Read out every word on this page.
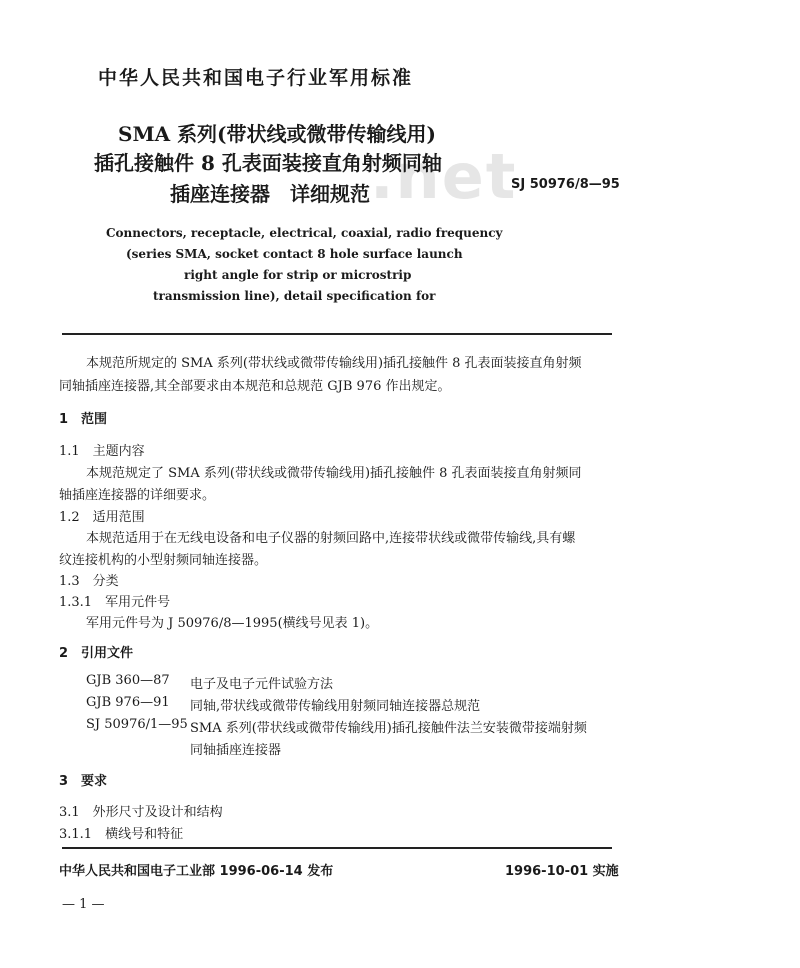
.net
中华人民共和国电子行业军用标准
SMA 系列(带状线或微带传输线用)
插孔接触件 8 孔表面装接直角射频同轴
插座连接器　详细规范	SJ 50976/8—95
Connectors, receptacle, electrical, coaxial, radio frequency
(series SMA, socket contact 8 hole surface launch
right angle for strip or microstrip
transmission line), detail specification for
本规范所规定的 SMA 系列(带状线或微带传输线用)插孔接触件 8 孔表面装接直角射频
同轴插座连接器,其全部要求由本规范和总规范 GJB 976 作出规定。
1　范围
1.1　主题内容
本规范规定了 SMA 系列(带状线或微带传输线用)插孔接触件 8 孔表面装接直角射频同
轴插座连接器的详细要求。
1.2　适用范围
本规范适用于在无线电设备和电子仪器的射频回路中,连接带状线或微带传输线,具有螺
纹连接机构的小型射频同轴连接器。
1.3　分类
1.3.1　军用元件号
军用元件号为 J 50976/8—1995(横线号见表 1)。
2　引用文件
GJB 360—87 电子及电子元件试验方法
GJB 976—91 同轴,带状线或微带传输线用射频同轴连接器总规范
SJ 50976/1—95 SMA 系列(带状线或微带传输线用)插孔接触件法兰安装微带接端射频
同轴插座连接器
3　要求
3.1　外形尺寸及设计和结构
3.1.1　横线号和特征
中华人民共和国电子工业部 1996-06-14 发布	1996-10-01 实施
— 1 —
